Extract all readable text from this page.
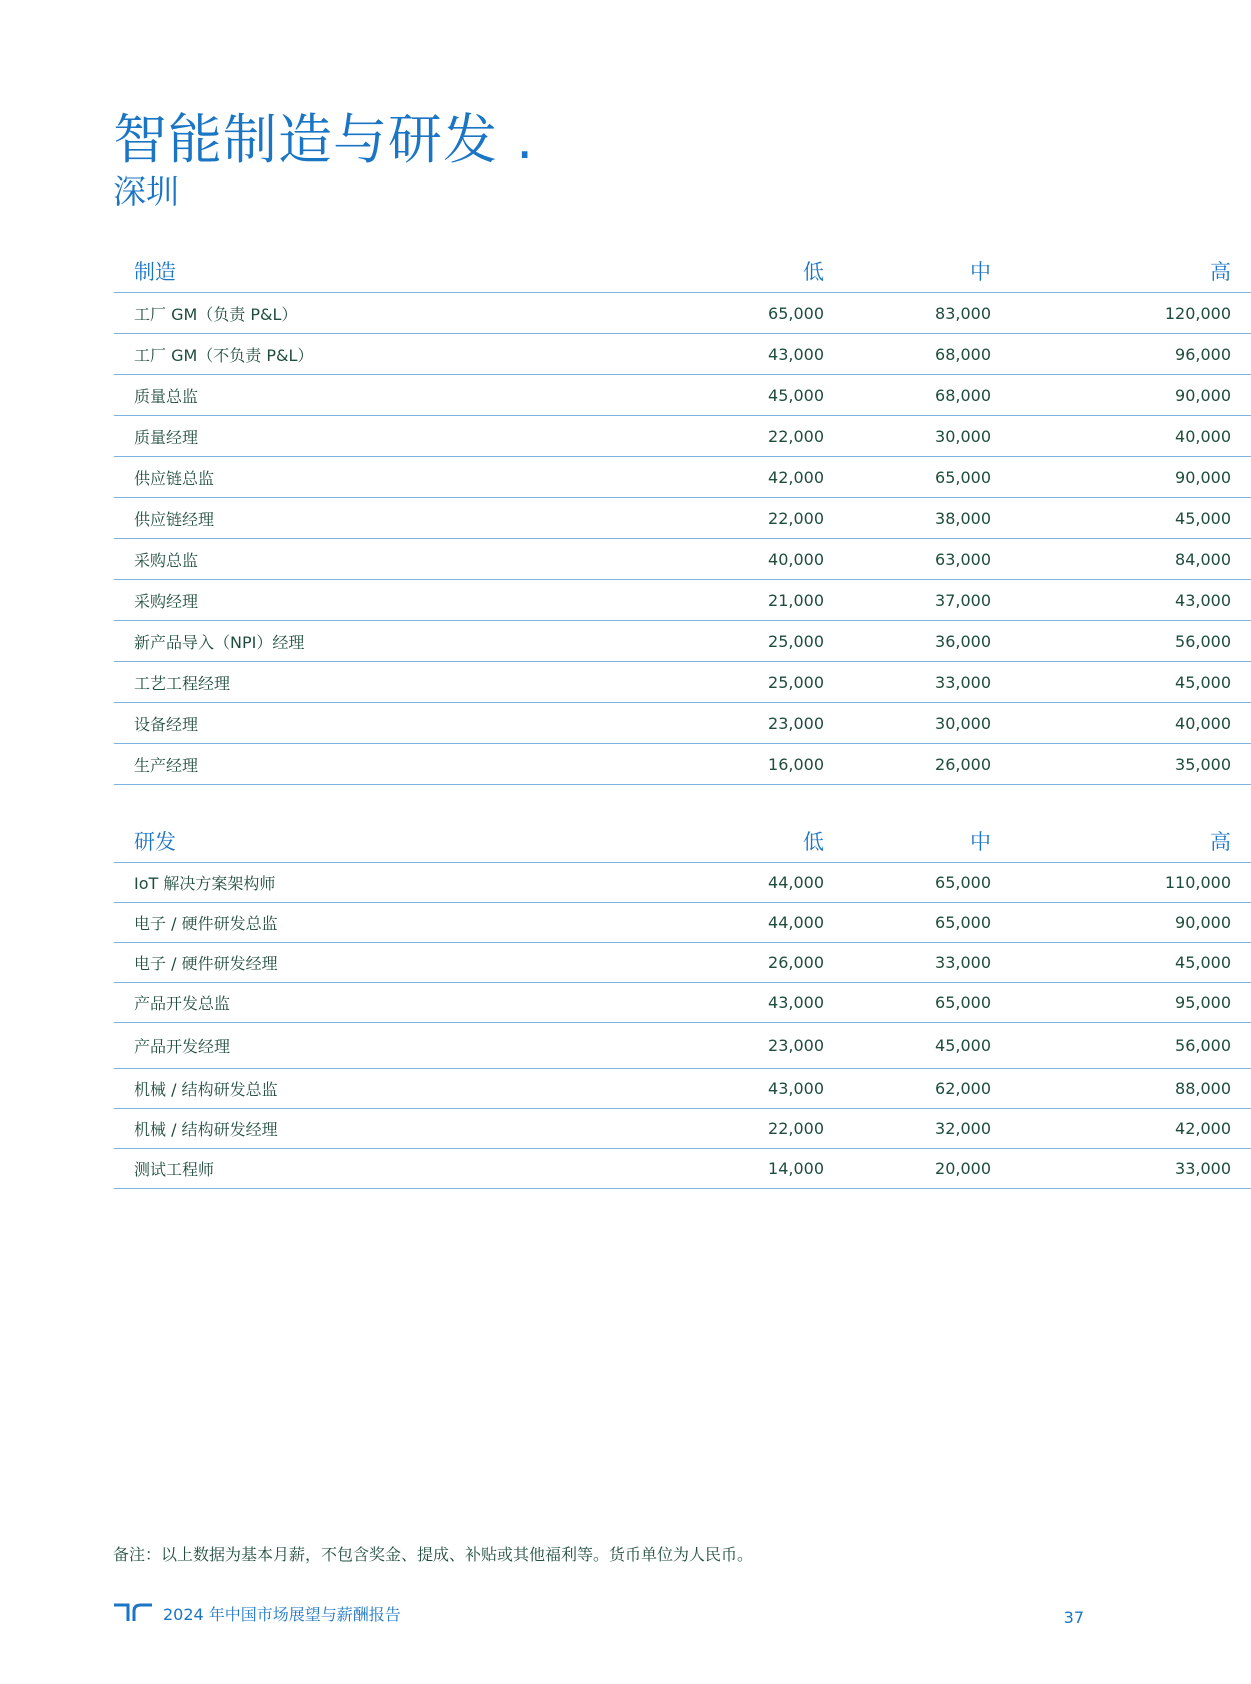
智能制造与研发 .
深圳
制造	低	中	高
工厂 GM（负责 P&L）	65,000	83,000	120,000
工厂 GM（不负责 P&L）	43,000	68,000	96,000
质量总监	45,000	68,000	90,000
质量经理	22,000	30,000	40,000
供应链总监	42,000	65,000	90,000
供应链经理	22,000	38,000	45,000
采购总监	40,000	63,000	84,000
采购经理	21,000	37,000	43,000
新产品导入（NPI）经理	25,000	36,000	56,000
工艺工程经理	25,000	33,000	45,000
设备经理	23,000	30,000	40,000
生产经理	16,000	26,000	35,000
研发	低	中	高
IoT 解决方案架构师	44,000	65,000	110,000
电子 / 硬件研发总监	44,000	65,000	90,000
电子 / 硬件研发经理	26,000	33,000	45,000
产品开发总监	43,000	65,000	95,000
产品开发经理	23,000	45,000	56,000
机械 / 结构研发总监	43,000	62,000	88,000
机械 / 结构研发经理	22,000	32,000	42,000
测试工程师	14,000	20,000	33,000
备注：以上数据为基本月薪，不包含奖金、提成、补贴或其他福利等。货币单位为人民币。
2024 年中国市场展望与薪酬报告	37
